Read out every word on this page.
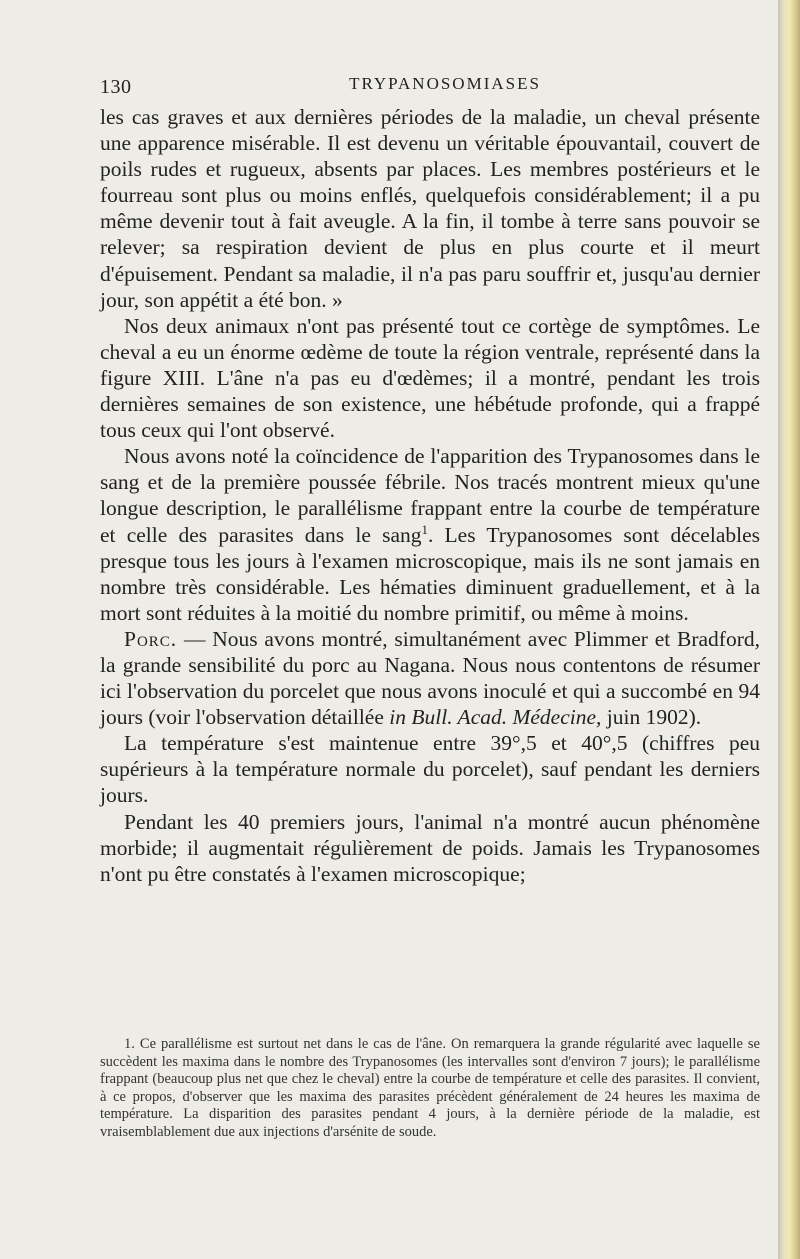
130	TRYPANOSOMIASES

les cas graves et aux dernières périodes de la maladie, un cheval présente une apparence misérable. Il est devenu un véritable épouvantail, couvert de poils rudes et rugueux, absents par places. Les membres postérieurs et le fourreau sont plus ou moins enflés, quelquefois considérablement; il a pu même devenir tout à fait aveugle. A la fin, il tombe à terre sans pouvoir se relever; sa respiration devient de plus en plus courte et il meurt d'épuisement. Pendant sa maladie, il n'a pas paru souffrir et, jusqu'au dernier jour, son appétit a été bon. »

Nos deux animaux n'ont pas présenté tout ce cortège de symptômes. Le cheval a eu un énorme œdème de toute la région ventrale, représenté dans la figure XIII. L'âne n'a pas eu d'œdèmes; il a montré, pendant les trois dernières semaines de son existence, une hébétude profonde, qui a frappé tous ceux qui l'ont observé.

Nous avons noté la coïncidence de l'apparition des Trypanosomes dans le sang et de la première poussée fébrile. Nos tracés montrent mieux qu'une longue description, le parallélisme frappant entre la courbe de température et celle des parasites dans le sang$^1$. Les Trypanosomes sont décelables presque tous les jours à l'examen microscopique, mais ils ne sont jamais en nombre très considérable. Les hématies diminuent graduellement, et à la mort sont réduites à la moitié du nombre primitif, ou même à moins.

Porc. — Nous avons montré, simultanément avec Plimmer et Bradford, la grande sensibilité du porc au Nagana. Nous nous contentons de résumer ici l'observation du porcelet que nous avons inoculé et qui a succombé en 94 jours (voir l'observation détaillée in Bull. Acad. Médecine, juin 1902).

La température s'est maintenue entre 39°,5 et 40°,5 (chiffres peu supérieurs à la température normale du porcelet), sauf pendant les derniers jours.

Pendant les 40 premiers jours, l'animal n'a montré aucun phénomène morbide; il augmentait régulièrement de poids. Jamais les Trypanosomes n'ont pu être constatés à l'examen microscopique;

1. Ce parallélisme est surtout net dans le cas de l'âne. On remarquera la grande régularité avec laquelle se succèdent les maxima dans le nombre des Trypanosomes (les intervalles sont d'environ 7 jours); le parallélisme frappant (beaucoup plus net que chez le cheval) entre la courbe de température et celle des parasites. Il convient, à ce propos, d'observer que les maxima des parasites précèdent généralement de 24 heures les maxima de température. La disparition des parasites pendant 4 jours, à la dernière période de la maladie, est vraisemblablement due aux injections d'arsénite de soude.
